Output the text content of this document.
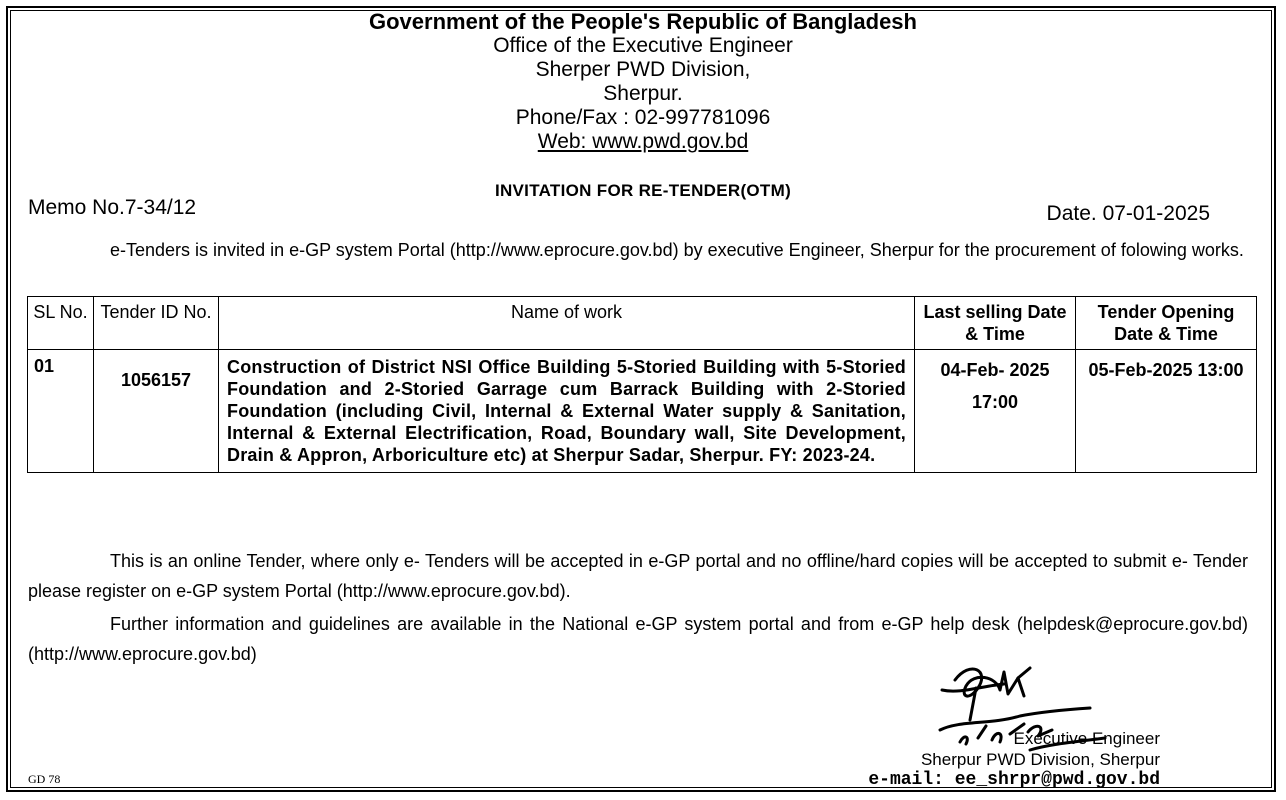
Government of the People's Republic of Bangladesh
Office of the Executive Engineer
Sherper PWD Division,
Sherpur.
Phone/Fax : 02-997781096
Web: www.pwd.gov.bd
INVITATION FOR RE-TENDER(OTM)
Memo No.7-34/12	Date. 07-01-2025
e-Tenders is invited in e-GP system Portal (http://www.eprocure.gov.bd) by executive Engineer, Sherpur for the procurement of folowing works.
SL No.	Tender ID No.	Name of work	Last selling Date & Time	Tender Opening Date & Time
01	1056157	Construction of District NSI Office Building 5-Storied Building with 5-Storied Foundation and 2-Storied Garrage cum Barrack Building with 2-Storied Foundation (including Civil, Internal & External Water supply & Sanitation, Internal & External Electrification, Road, Boundary wall, Site Development, Drain & Appron, Arboriculture etc) at Sherpur Sadar, Sherpur. FY: 2023-24.	04-Feb- 2025 17:00	05-Feb-2025 13:00
This is an online Tender, where only e- Tenders will be accepted in e-GP portal and no offline/hard copies will be accepted to submit e- Tender please register on e-GP system Portal (http://www.eprocure.gov.bd).
Further information and guidelines are available in the National e-GP system portal and from e-GP help desk (helpdesk@eprocure.gov.bd) (http://www.eprocure.gov.bd)
Executive Engineer
Sherpur PWD Division, Sherpur
e-mail: ee_shrpr@pwd.gov.bd
GD 78
